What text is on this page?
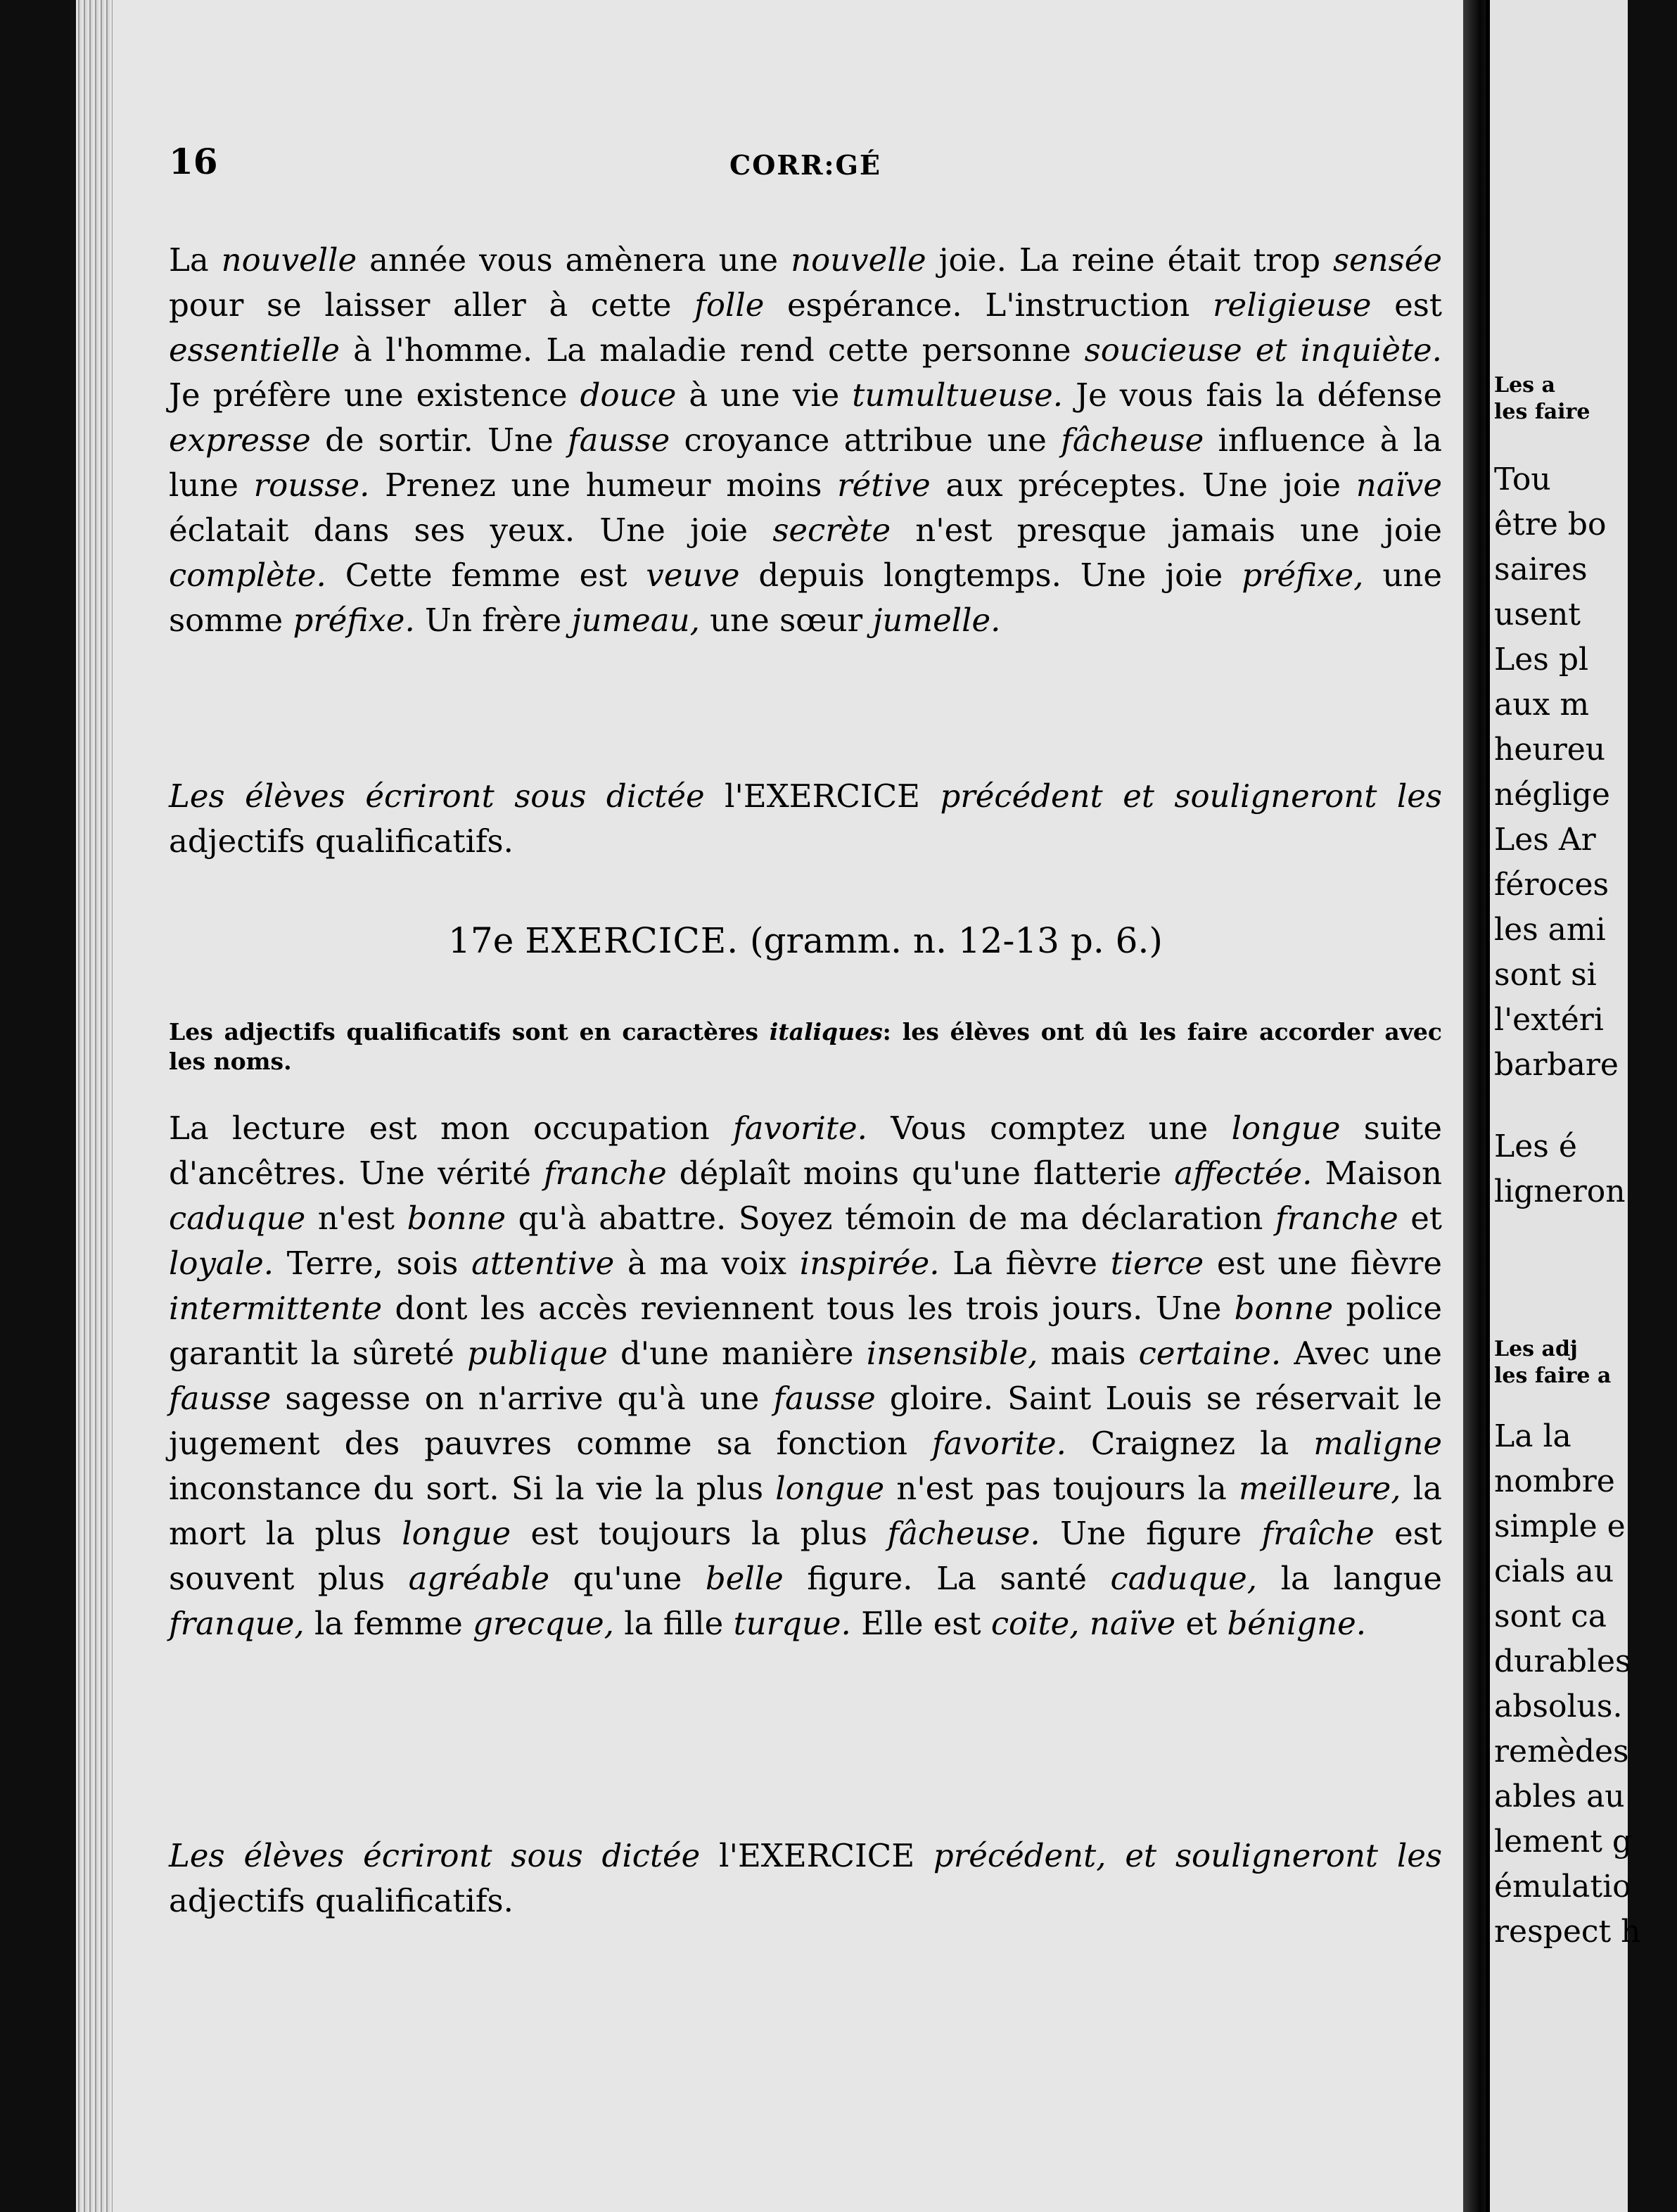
16	CORR:GÉ

La nouvelle année vous amènera une nouvelle joie. La reine était trop sensée pour se laisser aller à cette folle espérance. L'instruction religieuse est essentielle à l'homme. La maladie rend cette personne soucieuse et inquiète. Je préfère une existence douce à une vie tumultueuse. Je vous fais la défense expresse de sortir. Une fausse croyance attribue une fâcheuse influence à la lune rousse. Prenez une humeur moins rétive aux préceptes. Une joie naïve éclatait dans ses yeux. Une joie secrète n'est presque jamais une joie complète. Cette femme est veuve depuis longtemps. Une joie préfixe, une somme préfixe. Un frère jumeau, une sœur jumelle.

Les élèves écriront sous dictée l'EXERCICE précédent et souligneront les adjectifs qualificatifs.

17e EXERCICE. (gramm. n. 12-13 p. 6.)

Les adjectifs qualificatifs sont en caractères italiques: les élèves ont dû les faire accorder avec les noms.

La lecture est mon occupation favorite. Vous comptez une longue suite d'ancêtres. Une vérité franche déplaît moins qu'une flatterie affectée. Maison caduque n'est bonne qu'à abattre. Soyez témoin de ma déclaration franche et loyale. Terre, sois attentive à ma voix inspirée. La fièvre tierce est une fièvre intermittente dont les accès reviennent tous les trois jours. Une bonne police garantit la sûreté publique d'une manière insensible, mais certaine. Avec une fausse sagesse on n'arrive qu'à une fausse gloire. Saint Louis se réservait le jugement des pauvres comme sa fonction favorite. Craignez la maligne inconstance du sort. Si la vie la plus longue n'est pas toujours la meilleure, la mort la plus longue est toujours la plus fâcheuse. Une figure fraîche est souvent plus agréable qu'une belle figure. La santé caduque, la langue franque, la femme grecque, la fille turque. Elle est coite, naïve et bénigne.

Les élèves écriront sous dictée l'EXERCICE précédent, et souligneront les adjectifs qualificatifs.

Les a
les faire
Tou
être bo
saires
usent
Les pl
aux m
heureu
néglige
Les Ar
féroces
les ami
sont si
l'extéri
barbare
Les é
ligneron
Les adj
les faire a
La la
nombre
simple e
cials au
sont ca
durables
absolus.
remèdes
ables au
lement g
émulatio
respect h
